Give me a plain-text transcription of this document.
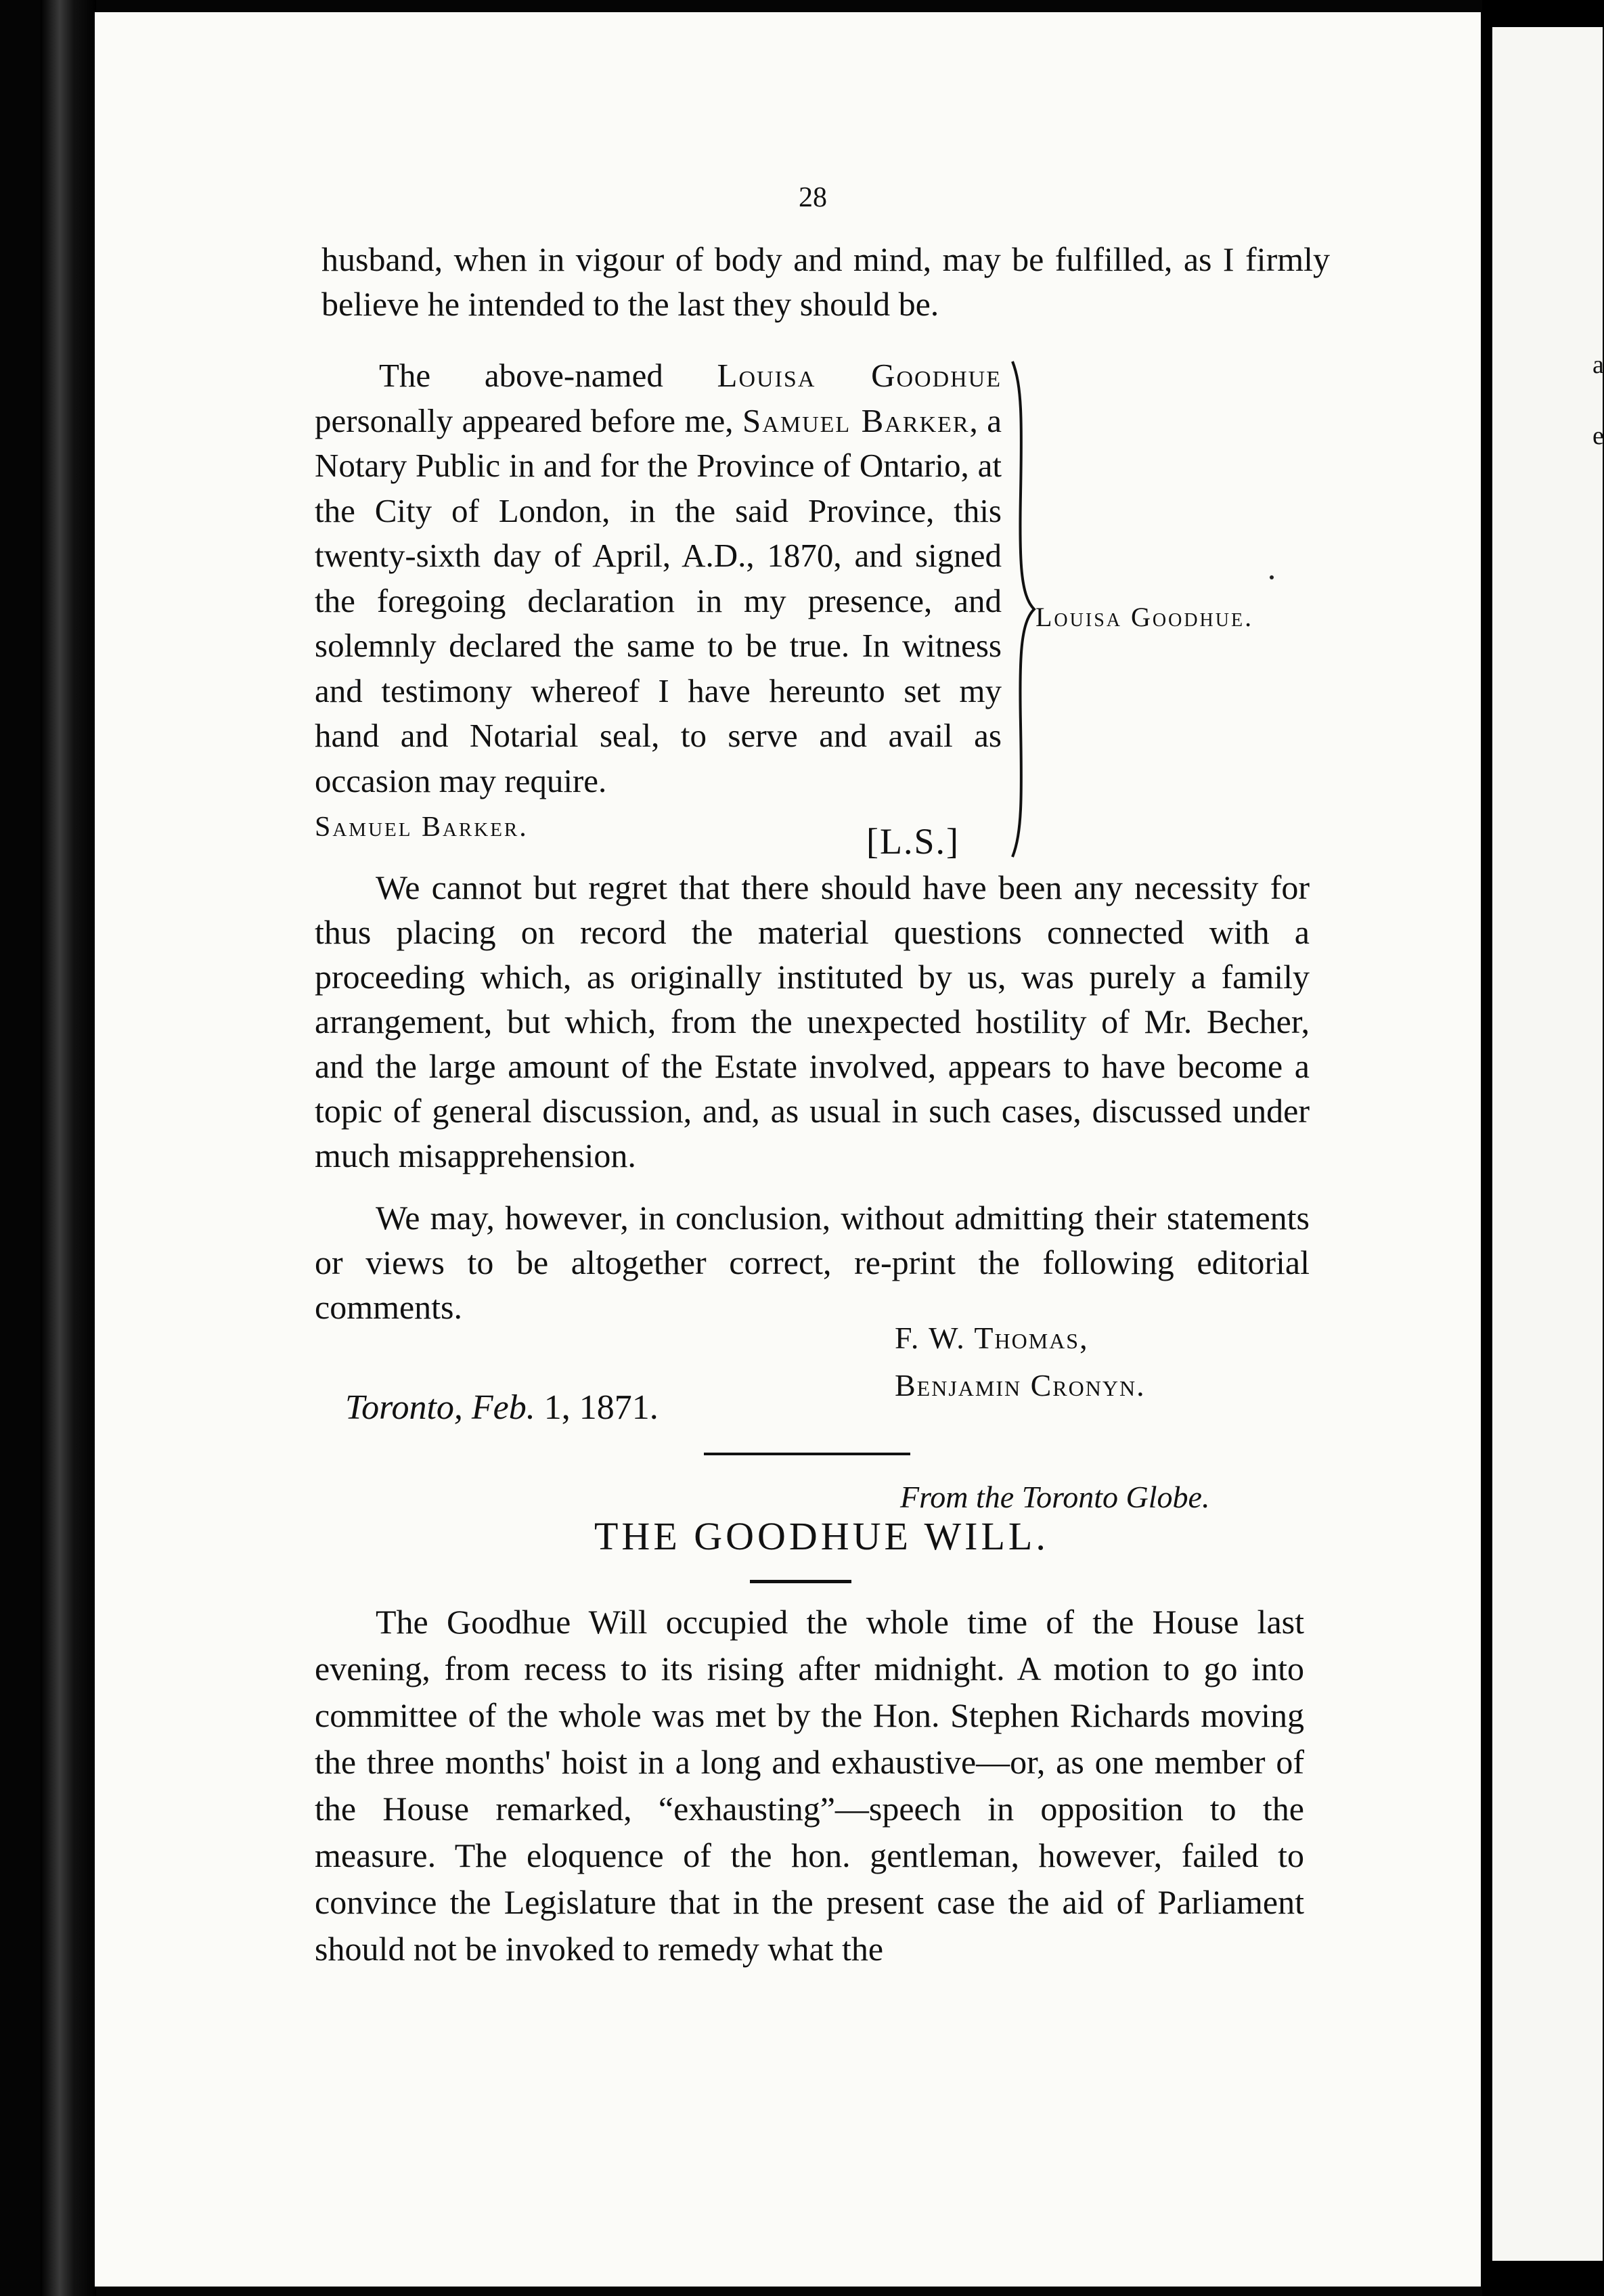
a
e
28
husband, when in vigour of body and mind, may be fulfilled, as I firmly believe he intended to the last they should be.
The above-named Louisa Goodhue personally appeared before me, Samuel Barker, a Notary Public in and for the Province of Ontario, at the City of London, in the said Province, this twenty-sixth day of April, A.D., 1870, and signed the foregoing declaration in my presence, and solemnly declared the same to be true. In witness and testimony whereof I have hereunto set my hand and Notarial seal, to serve and avail as occasion may require.
Louisa Goodhue.
Samuel Barker.	[L.S.]
We cannot but regret that there should have been any necessity for thus placing on record the material questions connected with a proceeding which, as originally instituted by us, was purely a family arrangement, but which, from the unexpected hostility of Mr. Becher, and the large amount of the Estate involved, appears to have become a topic of general discussion, and, as usual in such cases, discussed under much misapprehension.
We may, however, in conclusion, without admitting their statements or views to be altogether correct, re-print the following editorial comments.
F. W. Thomas,
Benjamin Cronyn.
Toronto, Feb. 1, 1871.
From the Toronto Globe.
THE GOODHUE WILL.
The Goodhue Will occupied the whole time of the House last evening, from recess to its rising after midnight. A motion to go into committee of the whole was met by the Hon. Stephen Richards moving the three months' hoist in a long and exhaustive—or, as one member of the House remarked, “exhausting”—speech in opposition to the measure. The eloquence of the hon. gentleman, however, failed to convince the Legislature that in the present case the aid of Parliament should not be invoked to remedy what the
